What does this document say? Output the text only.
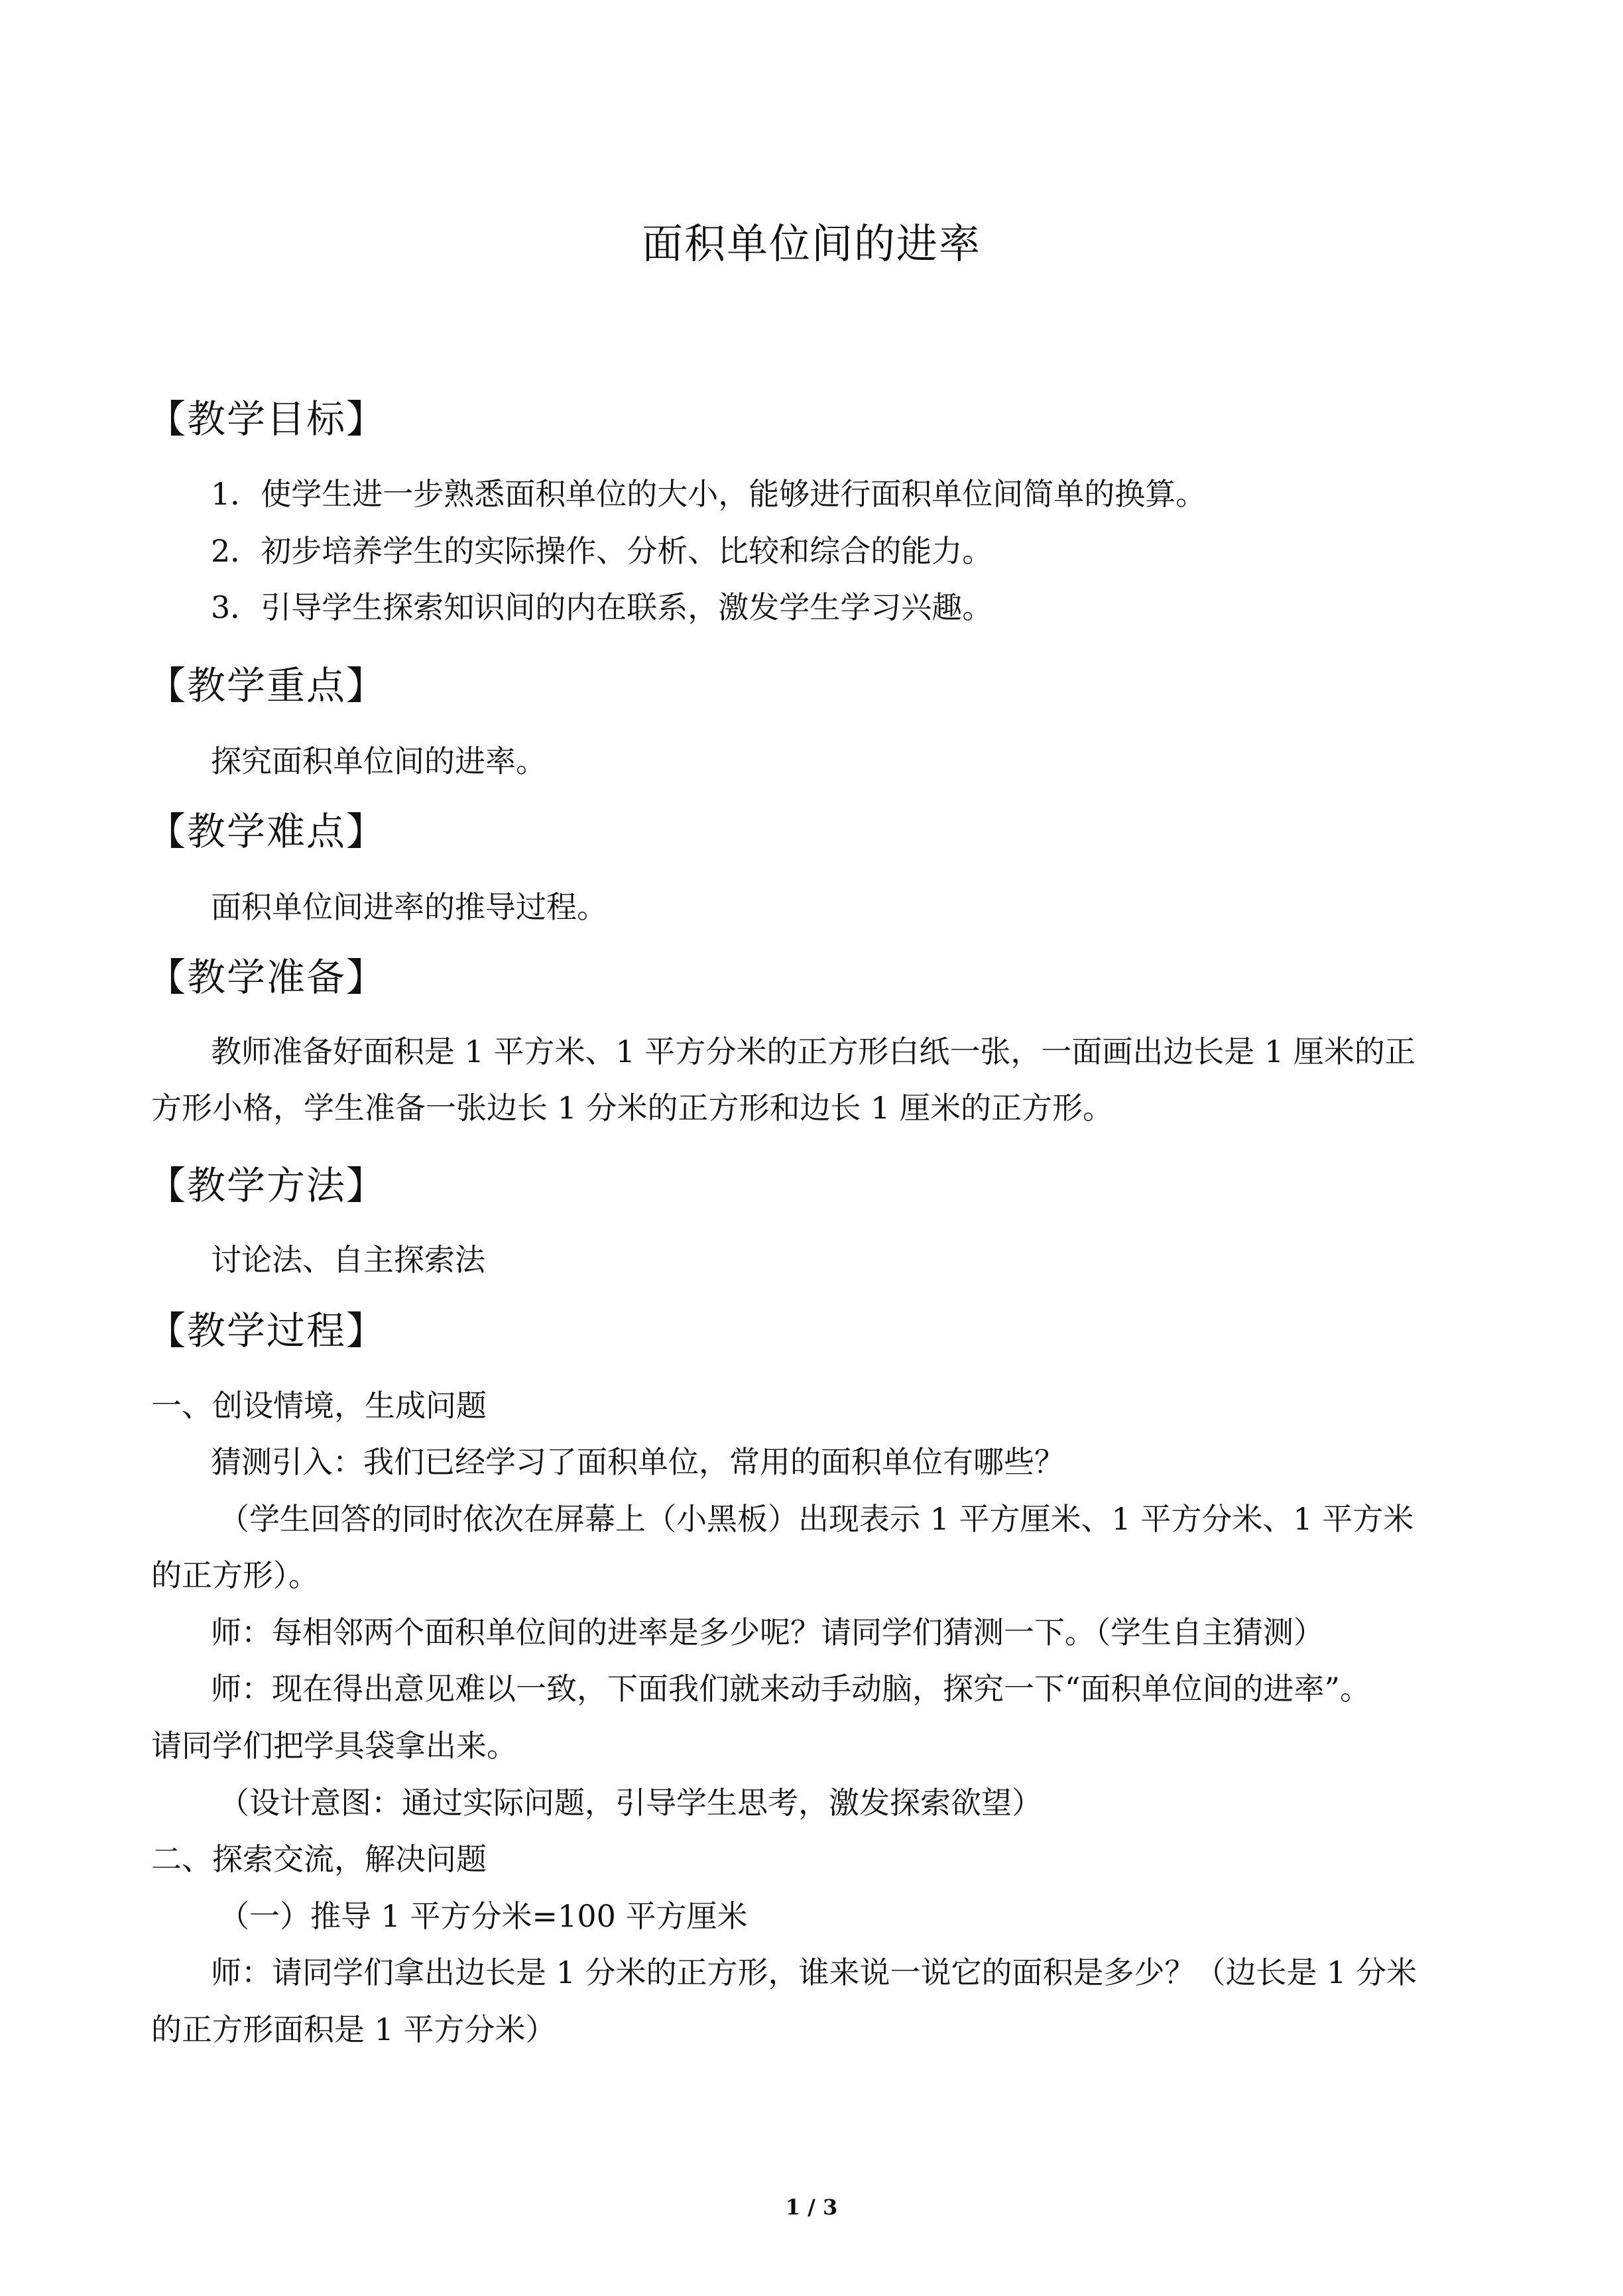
面积单位间的进率
【教学目标】
1．使学生进一步熟悉面积单位的大小，能够进行面积单位间简单的换算。
2．初步培养学生的实际操作、分析、比较和综合的能力。
3．引导学生探索知识间的内在联系，激发学生学习兴趣。
【教学重点】
探究面积单位间的进率。
【教学难点】
面积单位间进率的推导过程。
【教学准备】
教师准备好面积是 1 平方米、1 平方分米的正方形白纸一张，一面画出边长是 1 厘米的正
方形小格，学生准备一张边长 1 分米的正方形和边长 1 厘米的正方形。
【教学方法】
讨论法、自主探索法
【教学过程】
一、创设情境，生成问题
猜测引入：我们已经学习了面积单位，常用的面积单位有哪些？
（学生回答的同时依次在屏幕上（小黑板）出现表示 1 平方厘米、1 平方分米、1 平方米
的正方形）。
师：每相邻两个面积单位间的进率是多少呢？请同学们猜测一下。（学生自主猜测）
师：现在得出意见难以一致，下面我们就来动手动脑，探究一下“面积单位间的进率”。
请同学们把学具袋拿出来。
（设计意图：通过实际问题，引导学生思考，激发探索欲望）
二、探索交流，解决问题
（一）推导 1 平方分米=100 平方厘米
师：请同学们拿出边长是 1 分米的正方形，谁来说一说它的面积是多少？（边长是 1 分米
的正方形面积是 1 平方分米）
1 / 3
